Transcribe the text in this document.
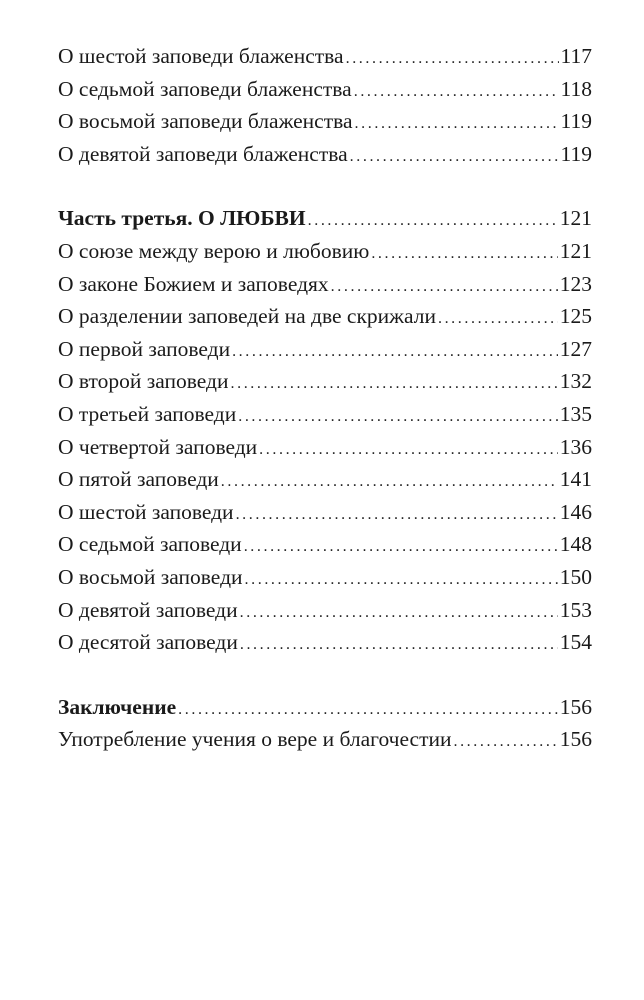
О шестой заповеди блаженства .....	117
О седьмой заповеди блаженства .....	118
О восьмой заповеди блаженства .....	119
О девятой заповеди блаженства .....	119
Часть третья. О ЛЮБВИ .....	121
О союзе между верою и любовию .....	121
О законе Божием и заповедях .....	123
О разделении заповедей на две скрижали .....	125
О первой заповеди .....	127
О второй заповеди .....	132
О третьей заповеди .....	135
О четвертой заповеди .....	136
О пятой заповеди .....	141
О шестой заповеди .....	146
О седьмой заповеди .....	148
О восьмой заповеди .....	150
О девятой заповеди .....	153
О десятой заповеди .....	154
Заключение .....	156
Употребление учения о вере и благочестии .....	156
